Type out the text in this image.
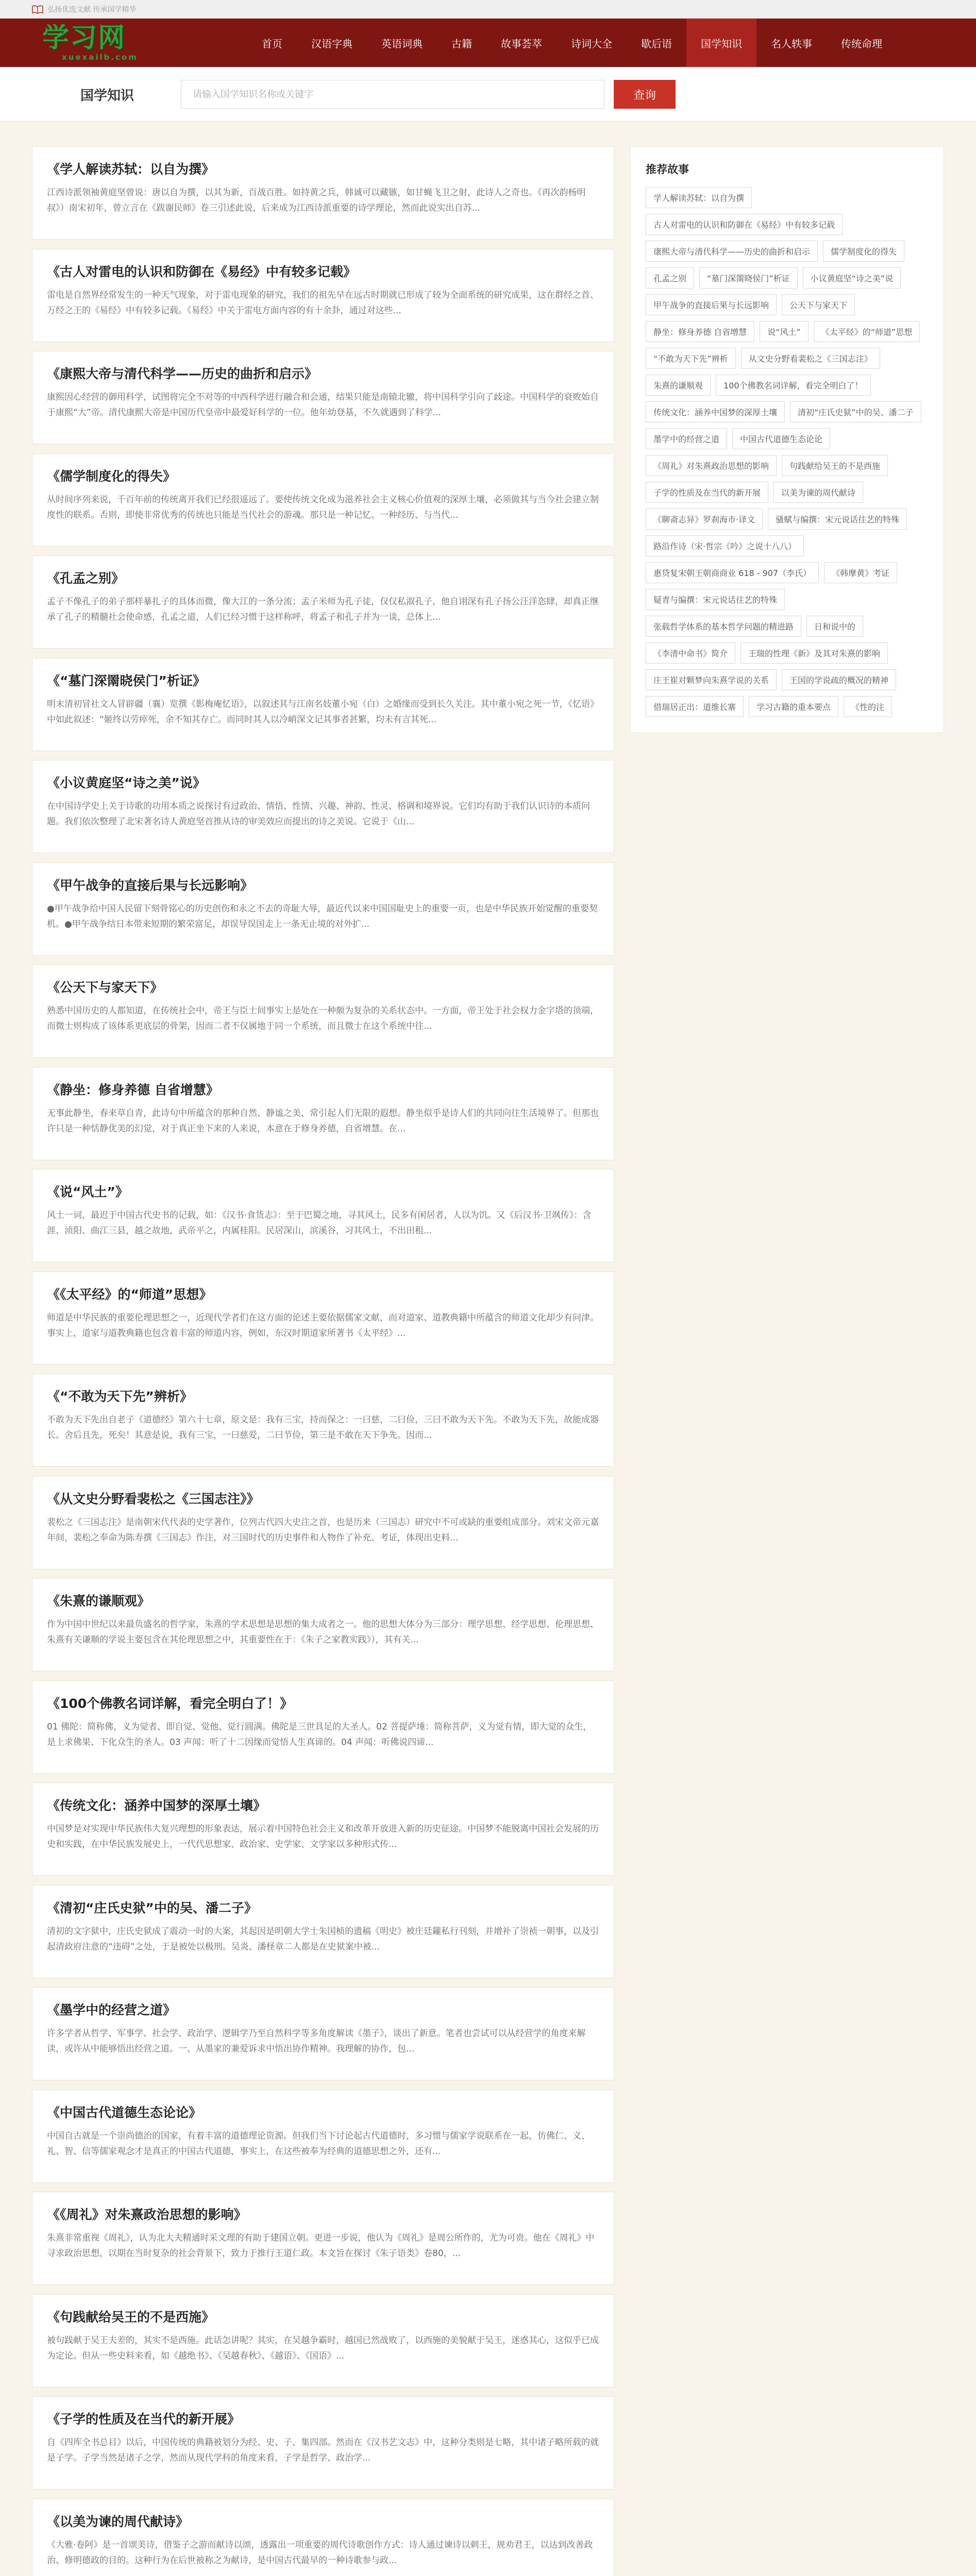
弘扬优选文献 传承国学精华
学习网
xuexailb.com
首页	汉语字典	英语词典	古籍	故事荟萃	诗词大全	歇后语	国学知识	名人轶事	传统命理
国学知识
请输入国学知识名称或关键字	查询
《学人解读苏轼：以自为撰》
江西诗派领袖黄庭坚曾说：唐以自为撰，以其为新，百战百胜。如持黄之兵，韩诚可以藏镞，如甘蝇飞卫之射，此诗人之奇也。《再次韵杨明叔》）南宋初年，曾立言在《跋谢民师》卷三引述此说，后来成为江西诗派重要的诗学理论，然而此说实出自苏...
《古人对雷电的认识和防御在《易经》中有较多记载》
雷电是自然界经常发生的一种天气现象，对于雷电现象的研究，我们的祖先早在远古时期就已形成了较为全面系统的研究成果，这在群经之首、万经之王的《易经》中有较多记载。《易经》中关于雷电方面内容的有十余卦，通过对这些...
《康熙大帝与清代科学——历史的曲折和启示》
康熙因心经营的御用科学，试图将完全不对等的中西科学进行融合和会通，结果只能是南辕北辙，将中国科学引向了歧途。中国科学的衰败始自于康熙“大”帝。清代康熙大帝是中国历代皇帝中最爱好科学的一位。他年幼登基，不久就遇到了科学...
《儒学制度化的得失》
从时间序列来说，千百年前的传统离开我们已经很遥远了。要使传统文化成为滋养社会主义核心价值观的深厚土壤，必须做其与当今社会建立制度性的联系。否则，即使非常优秀的传统也只能是当代社会的游魂。那只是一种记忆、一种经历、与当代...
《孔孟之别》
孟子不像孔子的弟子那样暴扎子的具体而微，像大江的一条分流；孟子米师为孔子徒，仅仅私淑孔子，他自诩深有孔子扬公汪洋恣肆，却真正继承了孔子的精髓社会使命感，孔孟之道，人们已经习惯于这样称呼，将孟子和孔子并为一谈，总体上...
《“墓门深罱晓侯门”析证》
明末清初冒社文人冒辟疆（襄）览撰《影梅庵忆语》，以叙述其与江南名妓董小宛（白）之婚缘而受到长久关注。其中董小宛之死一节，《忆语》中如此叙述：“姬终以劳瘁死，余不知其存亡。而同时其人以冷峭深文记其事者甚繁，均未有言其死...
《小议黄庭坚“诗之美”说》
在中国诗学史上关于诗歌的功用本质之说探讨有过政治、情悟、性情、兴趣、神韵、性灵、格调和境界说。它们均有助于我们认识诗的本质问题。我们依次整理了北宋著名诗人黄庭坚首推从诗的审美效应而提出的诗之美说。它说于《山...
《甲午战争的直接后果与长远影响》
●甲午战争给中国人民留下刻骨铭心的历史创伤和永之不去的奇耻大辱，最近代以来中国国耻史上的重要一页，也是中华民族开始觉醒的重要契机。●甲午战争结日本带来短期的繁荣富足，却误导误国走上一条无止境的对外扩...
《公天下与家天下》
熟悉中国历史的人都知道，在传统社会中，帝王与臣士间事实上是处在一种颇为复杂的关系状态中。一方面，帝王处于社会权力金字塔的顶端，而微士则构成了该体系更底层的骨架，因而二者不仅属地于同一个系统，而且微士在这个系统中往...
《静坐：修身养德 自省增慧》
无事此静坐，春来草自青，此诗句中所蕴含的那种自然、静谧之美，常引起人们无限的遐想。静坐似乎是诗人们的共同向往生活境界了。但那也许只是一种恬静优美的幻觉，对于真正坐下来的人来说，本意在于修身养德，自省增慧。在...
《说“风土”》
风土一词，最迟于中国古代史书的记载，如：《汉书·食货志》：至于巴蜀之地，寻其风土，民多有闲居者，人以为饥。又《后汉书·卫飒传》：含涯、浈阳、曲江三县，越之故地，武帝平之，内属桂阳。民居深山，滨溪谷，习其风土，不出田租...
《《太平经》的“师道”思想》
师道是中华民族的重要伦理思想之一，近现代学者们在这方面的论述主要依据儒家文献，而对道家、道教典籍中所蕴含的师道文化却少有问津。事实上，道家与道教典籍也包含着丰富的师道内容，例如，东汉时期道家所著书《太平经》...
《“不敢为天下先”辨析》
不敢为天下先出自老子《道德经》第六十七章，原文是：我有三宝，持而保之：一曰慈，二曰俭，三曰不敢为天下先。不敢为天下先，故能成器长。舍后且先，死矣！其意是说，我有三宝，一曰慈爱，二曰节俭，第三是不敢在天下争先。因而...
《从文史分野看裴松之《三国志注》》
裴松之《三国志注》是南朝宋代代表的史学著作，位列古代四大史注之首，也是历来（三国志）研究中不可或缺的重要组成部分。刘宋文帝元嘉年间，裴松之奉命为陈寿撰《三国志》作注，对三国时代的历史事件和人物作了补充、考证，体现出史料...
《朱熹的谦顺观》
作为中国中世纪以来最负盛名的哲学家，朱熹的学术思想是思想的集大成者之一。他的思想大体分为三部分：理学思想、经学思想、伦理思想、朱熹有关谦顺的学说主要包含在其伦理思想之中，其重要性在于：《朱子之家教实践》），其有关...
《100个佛教名词详解，看完全明白了！》
01 佛陀：简称佛，义为觉者、即自觉、觉他、觉行圆满。佛陀是三世具足的大圣人。02 菩提萨埵：简称菩萨，义为觉有情，即大觉的众生，是上求佛果、下化众生的圣人。03 声闻：听了十二因缘而觉悟人生真谛的。04 声闻：听佛说四谛...
《传统文化：涵养中国梦的深厚土壤》
中国梦是对实现中华民族伟大复兴理想的形象表达，展示着中国特色社会主义和改革开放进入新的历史征途。中国梦不能脱离中国社会发展的历史和实践，在中华民族发展史上，一代代思想家、政治家、史学家、文学家以多种形式传...
《清初“庄氏史狱”中的吴、潘二子》
清初的文字狱中，庄氏史狱成了震动一时的大案，其起因是明朝大学士朱国桢的遗稿《明史》被庄廷鑨私行刊刻，并增补了崇祯一朝事，以及引起清政府注意的“违碍”之处，于是被处以极刑。吴炎、潘柽章二人都是在史狱案中被...
《墨学中的经营之道》
许多学者从哲学、军事学、社会学、政治学、逻辑学乃至自然科学等多角度解读《墨子》，谈出了新意。笔者也尝试可以从经营学的角度来解读，或许从中能够悟出经营之道。一、从墨家的兼爱诉求中悟出协作精神。我理解的协作，包...
《中国古代道德生态论论》
中国自古就是一个崇尚德治的国家，有着丰富的道德理论资源。但我们当下讨论起古代道德时，多习惯与儒家学说联系在一起，仿佛仁、义、礼、智、信等儒家观念才是真正的中国古代道德，事实上，在这些被奉为经典的道德思想之外，还有...
《《周礼》对朱熹政治思想的影响》
朱熹非常重视《周礼》，认为北大夫精通时采文理的有助于建国立朝。更进一步说，他认为《周礼》是周公所作的，尤为可贵。他在《周礼》中寻求政治思想，以期在当时复杂的社会背景下，致力于推行王道仁政。本文旨在探讨《朱子语类》卷80，...
《句践献给吴王的不是西施》
被句践献于吴王夫差的，其实不是西施。此话怎讲呢？其实，在吴越争霸时，越国已然战败了，以西施的美貌献于吴王，迷惑其心，这似乎已成为定论。但从一些史料来看，如《越绝书》、《吴越春秋》、《越语》、《国语》...
《子学的性质及在当代的新开展》
自《四库全书总目》以后，中国传统的典籍被划分为经、史、子、集四部。然而在《汉书艺文志》中，这种分类则是七略，其中诸子略所载的就是子学。子学当然是诸子之学，然而从现代学科的角度来看，子学是哲学、政治学...
《以美为谏的周代献诗》
《大雅·卷阿》是一首颂美诗，借鉴子之游而献诗以颂，透露出一项重要的周代诗歌创作方式：诗人通过谏诗以刺王，规劝君王，以达到改善政治、修明德政的目的。这种行为在后世被称之为献诗，是中国古代最早的一种诗歌参与政...
推荐故事
学人解读苏轼：以自为撰
古人对雷电的认识和防御在《易经》中有较多记载
康熙大帝与清代科学——历史的曲折和启示	儒学制度化的得失
孔孟之别	“墓门深罱晓侯门”析证	小议黄庭坚“诗之美”说
甲午战争的直接后果与长远影响	公天下与家天下
静坐：修身养德 自省增慧	说“风土”	《太平经》的“师道”思想
“不敢为天下先”辨析	从文史分野看裴松之《三国志注》
朱熹的谦顺观	100个佛教名词详解，看完全明白了！
传统文化：涵养中国梦的深厚土壤	清初“庄氏史狱”中的吴、潘二子
墨学中的经营之道	中国古代道德生态论论
《周礼》对朱熹政治思想的影响	句践献给吴王的不是西施
子学的性质及在当代的新开展	以美为谏的周代献诗
《聊斋志异》罗刹海市·译文	骚赋与编撰：宋元说话往艺的特殊
路沿作诗（宋·哲宗《吟》之说十八八）
惠贷复宋朝王朝商商业 618 - 907（李氏）	《韩摩黄》考证
疑青与编撰：宋元说话往艺的特殊
张载哲学体系的基本哲学问题的精进路	日和说中的
《李清中命书》简介	王瑞的性理《新》及其对朱熹的影响
庄王崔对颗梦向朱熹学说的关系	王国的学说疏的概况的精神
借瑞居正出：道维长寨	学习古籍的重本要点	《性的注
